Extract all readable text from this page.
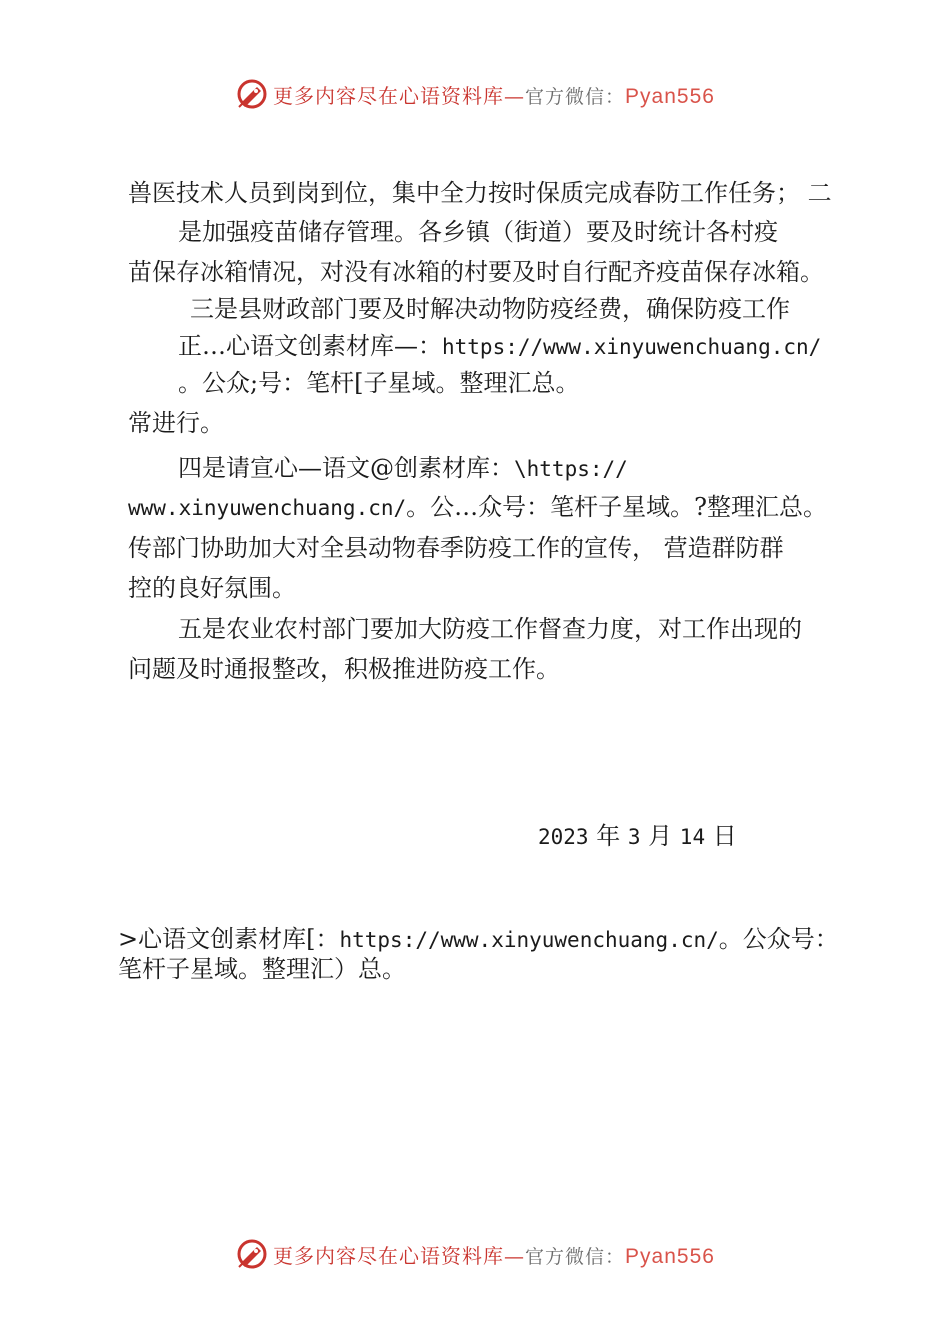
更多内容尽在心语资料库—官方微信：Pyan556
兽医技术人员到岗到位，集中全力按时保质完成春防工作任务； 二
是加强疫苗储存管理。各乡镇（街道）要及时统计各村疫
苗保存冰箱情况，对没有冰箱的村要及时自行配齐疫苗保存冰箱。
三是县财政部门要及时解决动物防疫经费，确保防疫工作
正…心语文创素材库—：https://www.xinyuwenchuang.cn/
。公众;号：笔杆[子星域。整理汇总。
常进行。
四是请宣心—语文@创素材库：\https://
www.xinyuwenchuang.cn/。公…众号：笔杆子星域。?整理汇总。
传部门协助加大对全县动物春季防疫工作的宣传， 营造群防群
控的良好氛围。
五是农业农村部门要加大防疫工作督查力度，对工作出现的
问题及时通报整改，积极推进防疫工作。
2023 年 3 月 14 日
>心语文创素材库[：https://www.xinyuwenchuang.cn/。公众号：
笔杆子星域。整理汇）总。
更多内容尽在心语资料库—官方微信：Pyan556
